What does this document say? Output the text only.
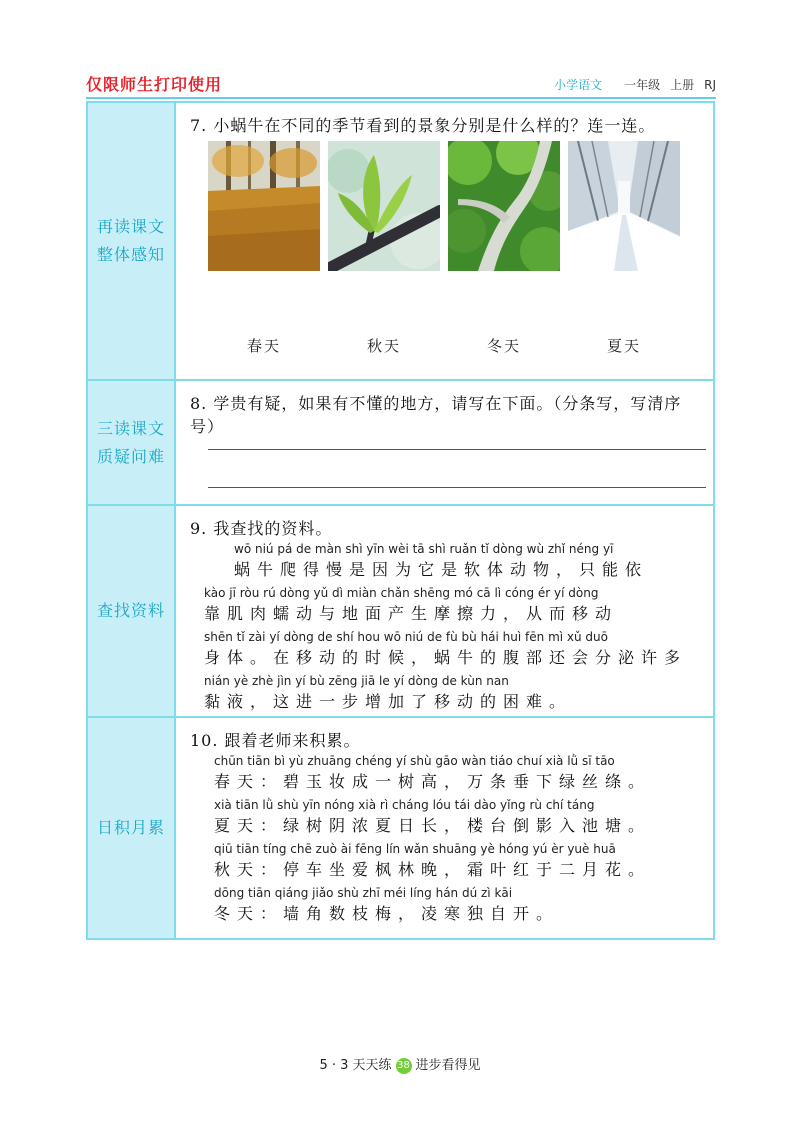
仅限师生打印使用	小学语文 一年级 上册 RJ
再读课文
整体感知
7. 小蜗牛在不同的季节看到的景象分别是什么样的？连一连。
春天	秋天	冬天	夏天
三读课文
质疑问难
8. 学贵有疑，如果有不懂的地方，请写在下面。（分条写，写清序号）
查找资料
9. 我查找的资料。
wō niú pá de màn shì yīn wèi tā shì ruǎn tǐ dòng wù zhǐ néng yī
蜗牛爬得慢是因为它是软体动物，只能依
kào jī ròu rú dòng yǔ dì miàn chǎn shēng mó cā lì cóng ér yí dòng
靠肌肉蠕动与地面产生摩擦力，从而移动
shēn tǐ zài yí dòng de shí hou wō niú de fù bù hái huì fēn mì xǔ duō
身体。在移动的时候，蜗牛的腹部还会分泌许多
nián yè zhè jìn yí bù zēng jiā le yí dòng de kùn nan
黏液，这进一步增加了移动的困难。
日积月累
10. 跟着老师来积累。
chūn tiān bì yù zhuāng chéng yí shù gāo wàn tiáo chuí xià lǜ sī tāo
春天：碧玉妆成一树高，万条垂下绿丝绦。
xià tiān lǜ shù yīn nóng xià rì cháng lóu tái dào yǐng rù chí táng
夏天：绿树阴浓夏日长，楼台倒影入池塘。
qiū tiān tíng chē zuò ài fēng lín wǎn shuāng yè hóng yú èr yuè huā
秋天：停车坐爱枫林晚，霜叶红于二月花。
dōng tiān qiáng jiǎo shù zhī méi líng hán dú zì kāi
冬天：墙角数枝梅，凌寒独自开。
5 · 3 天天练 38 进步看得见
